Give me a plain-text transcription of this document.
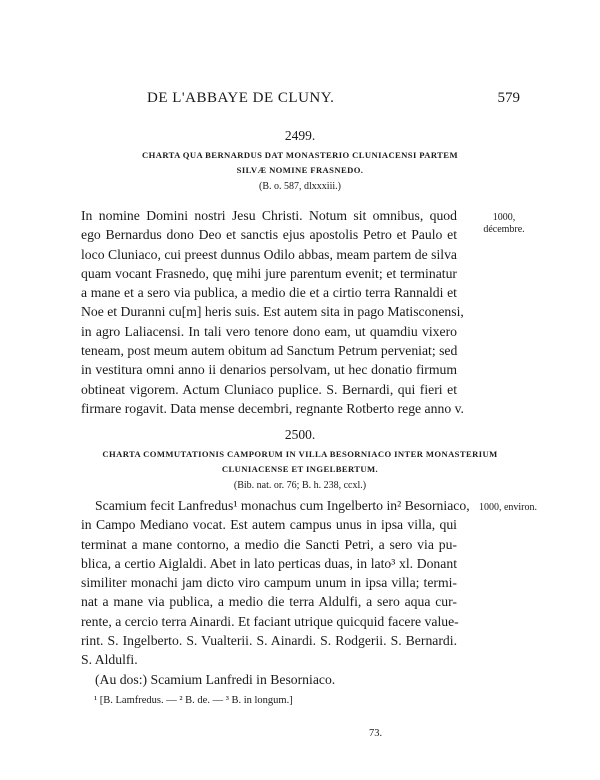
DE L'ABBAYE DE CLUNY.	579
2499.
CHARTA QUA BERNARDUS DAT MONASTERIO CLUNIACENSI PARTEM
SILVÆ NOMINE FRASNEDO.
(B. o. 587, dlxxxiii.)
1000,
décembre.
In nomine Domini nostri Jesu Christi. Notum sit omnibus, quod
ego Bernardus dono Deo et sanctis ejus apostolis Petro et Paulo et
loco Cluniaco, cui preest dunnus Odilo abbas, meam partem de silva
quam vocant Frasnedo, quę mihi jure parentum evenit; et terminatur
a mane et a sero via publica, a medio die et a cirtio terra Rannaldi et
Noe et Duranni cu[m] heris suis. Est autem sita in pago Matisconensi,
in agro Laliacensi. In tali vero tenore dono eam, ut quamdiu vixero
teneam, post meum autem obitum ad Sanctum Petrum perveniat; sed
in vestitura omni anno ii denarios persolvam, ut hec donatio firmum
obtineat vigorem. Actum Cluniaco puplice. S. Bernardi, qui fieri et
firmare rogavit. Data mense decembri, regnante Rotberto rege anno v.
2500.
CHARTA COMMUTATIONIS CAMPORUM IN VILLA BESORNIACO INTER MONASTERIUM
CLUNIACENSE ET INGELBERTUM.
(Bib. nat. or. 76; B. h. 238, ccxl.)
1000, environ.
Scamium fecit Lanfredus¹ monachus cum Ingelberto in² Besorniaco,
in Campo Mediano vocat. Est autem campus unus in ipsa villa, qui
terminat a mane contorno, a medio die Sancti Petri, a sero via pu-
blica, a certio Aiglaldi. Abet in lato perticas duas, in lato³ xl. Donant
similiter monachi jam dicto viro campum unum in ipsa villa; termi-
nat a mane via publica, a medio die terra Aldulfi, a sero aqua cur-
rente, a cercio terra Ainardi. Et faciant utrique quicquid facere value-
rint. S. Ingelberto. S. Vualterii. S. Ainardi. S. Rodgerii. S. Bernardi.
S. Aldulfi.
(Au dos:) Scamium Lanfredi in Besorniaco.
¹ [B. Lamfredus. — ² B. de. — ³ B. in longum.]
73.
